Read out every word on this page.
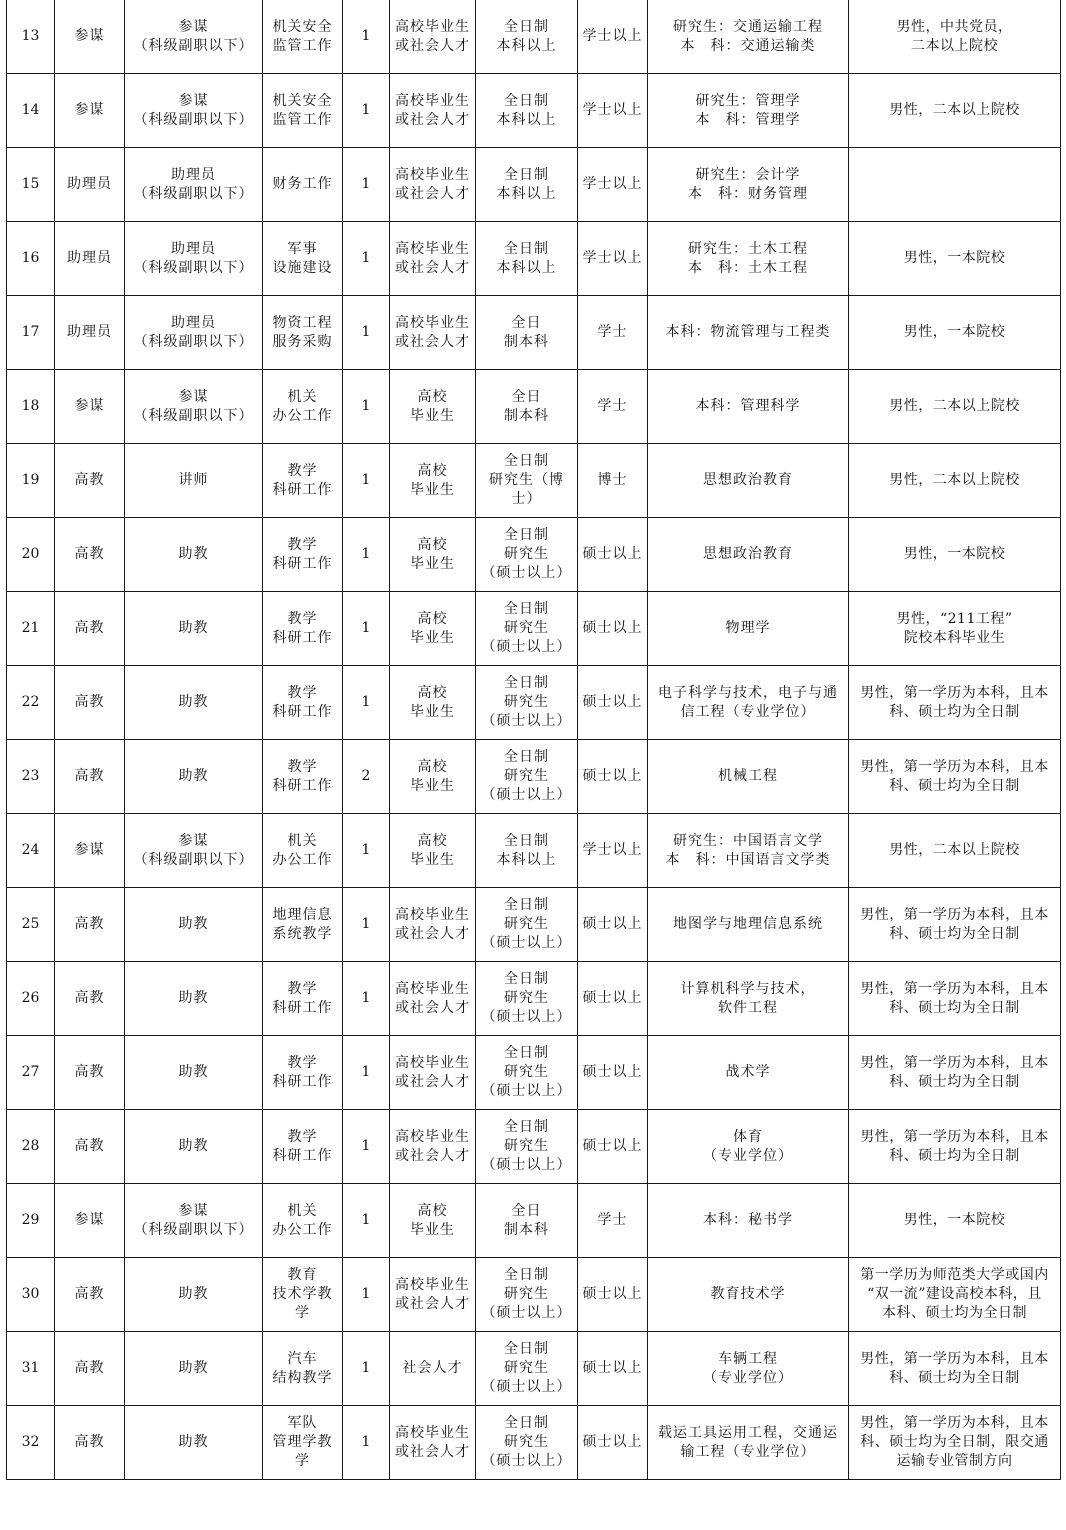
13	参谋	参谋
（科级副职以下）	机关安全
监管工作	1	高校毕业生
或社会人才	全日制
本科以上	学士以上	研究生：交通运输工程
本　科：交通运输类	男性，中共党员，
二本以上院校
14	参谋	参谋
（科级副职以下）	机关安全
监管工作	1	高校毕业生
或社会人才	全日制
本科以上	学士以上	研究生：管理学
本　科：管理学	男性，二本以上院校
15	助理员	助理员
（科级副职以下）	财务工作	1	高校毕业生
或社会人才	全日制
本科以上	学士以上	研究生：会计学
本　科：财务管理	
16	助理员	助理员
（科级副职以下）	军事
设施建设	1	高校毕业生
或社会人才	全日制
本科以上	学士以上	研究生：土木工程
本　科：土木工程	男性，一本院校
17	助理员	助理员
（科级副职以下）	物资工程
服务采购	1	高校毕业生
或社会人才	全日
制本科	学士	本科：物流管理与工程类	男性，一本院校
18	参谋	参谋
（科级副职以下）	机关
办公工作	1	高校
毕业生	全日
制本科	学士	本科：管理科学	男性，二本以上院校
19	高教	讲师	教学
科研工作	1	高校
毕业生	全日制
研究生（博
士）	博士	思想政治教育	男性，二本以上院校
20	高教	助教	教学
科研工作	1	高校
毕业生	全日制
研究生
（硕士以上）	硕士以上	思想政治教育	男性，一本院校
21	高教	助教	教学
科研工作	1	高校
毕业生	全日制
研究生
（硕士以上）	硕士以上	物理学	男性，“211工程”
院校本科毕业生
22	高教	助教	教学
科研工作	1	高校
毕业生	全日制
研究生
（硕士以上）	硕士以上	电子科学与技术，电子与通
信工程（专业学位）	男性，第一学历为本科，且本
科、硕士均为全日制
23	高教	助教	教学
科研工作	2	高校
毕业生	全日制
研究生
（硕士以上）	硕士以上	机械工程	男性，第一学历为本科，且本
科、硕士均为全日制
24	参谋	参谋
（科级副职以下）	机关
办公工作	1	高校
毕业生	全日制
本科以上	学士以上	研究生：中国语言文学
本　科：中国语言文学类	男性，二本以上院校
25	高教	助教	地理信息
系统教学	1	高校毕业生
或社会人才	全日制
研究生
（硕士以上）	硕士以上	地图学与地理信息系统	男性，第一学历为本科，且本
科、硕士均为全日制
26	高教	助教	教学
科研工作	1	高校毕业生
或社会人才	全日制
研究生
（硕士以上）	硕士以上	计算机科学与技术，
软件工程	男性，第一学历为本科，且本
科、硕士均为全日制
27	高教	助教	教学
科研工作	1	高校毕业生
或社会人才	全日制
研究生
（硕士以上）	硕士以上	战术学	男性，第一学历为本科，且本
科、硕士均为全日制
28	高教	助教	教学
科研工作	1	高校毕业生
或社会人才	全日制
研究生
（硕士以上）	硕士以上	体育
（专业学位）	男性，第一学历为本科，且本
科、硕士均为全日制
29	参谋	参谋
（科级副职以下）	机关
办公工作	1	高校
毕业生	全日
制本科	学士	本科：秘书学	男性，一本院校
30	高教	助教	教育
技术学教
学	1	高校毕业生
或社会人才	全日制
研究生
（硕士以上）	硕士以上	教育技术学	第一学历为师范类大学或国内
“双一流”建设高校本科，且
本科、硕士均为全日制
31	高教	助教	汽车
结构教学	1	社会人才	全日制
研究生
（硕士以上）	硕士以上	车辆工程
（专业学位）	男性，第一学历为本科，且本
科、硕士均为全日制
32	高教	助教	军队
管理学教
学	1	高校毕业生
或社会人才	全日制
研究生
（硕士以上）	硕士以上	载运工具运用工程，交通运
输工程（专业学位）	男性，第一学历为本科，且本
科、硕士均为全日制，限交通
运输专业管制方向
